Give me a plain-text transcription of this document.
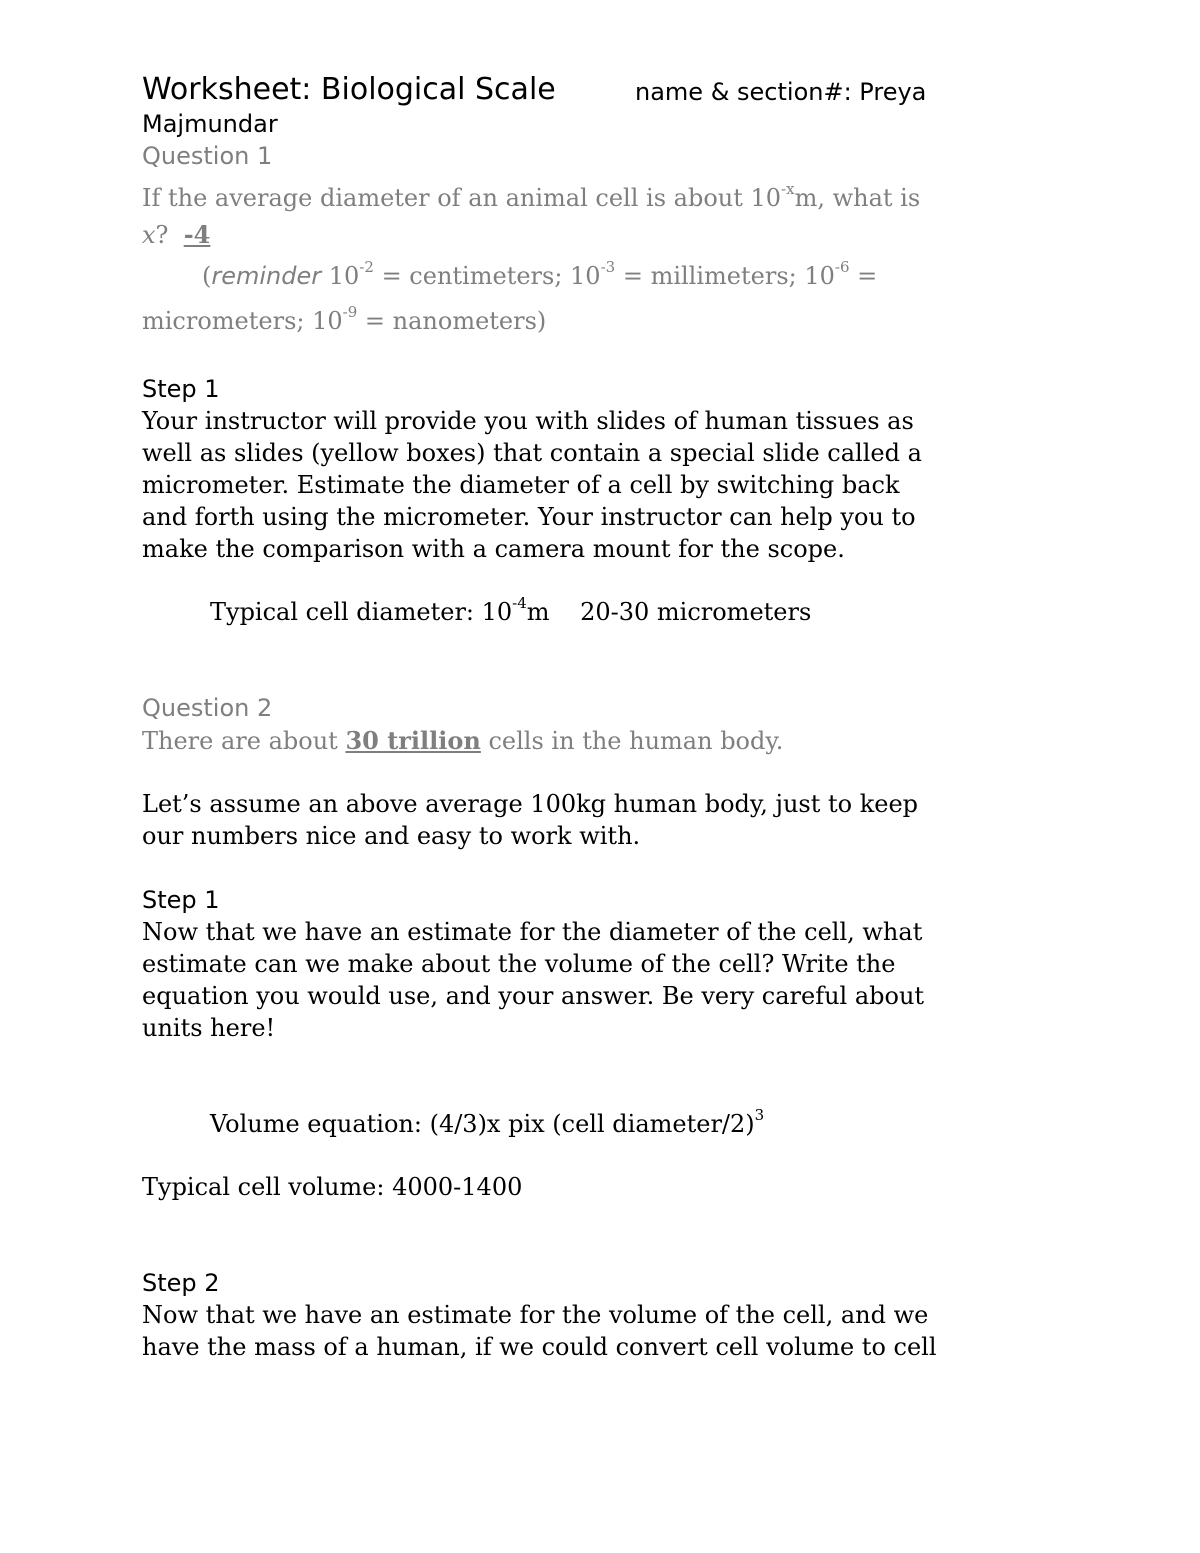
Worksheet: Biological Scale	name & section#: Preya
Majmundar
Question 1
If the average diameter of an animal cell is about $10^{-x}m$, what is
x? -4
(reminder $10^{-2}$ = centimeters; $10^{-3}$ = millimeters; $10^{-6}$ =
micrometers; $10^{-9}$ = nanometers)
Step 1
Your instructor will provide you with slides of human tissues as
well as slides (yellow boxes) that contain a special slide called a
micrometer. Estimate the diameter of a cell by switching back
and forth using the micrometer. Your instructor can help you to
make the comparison with a camera mount for the scope.
Typical cell diameter: $10^{-4}m$    20-30 micrometers
Question 2
There are about 30 trillion cells in the human body.
Let’s assume an above average 100kg human body, just to keep
our numbers nice and easy to work with.
Step 1
Now that we have an estimate for the diameter of the cell, what
estimate can we make about the volume of the cell? Write the
equation you would use, and your answer. Be very careful about
units here!
Volume equation: (4/3)x pix (cell diameter/2)$^3$
Typical cell volume: 4000-1400
Step 2
Now that we have an estimate for the volume of the cell, and we
have the mass of a human, if we could convert cell volume to cell
